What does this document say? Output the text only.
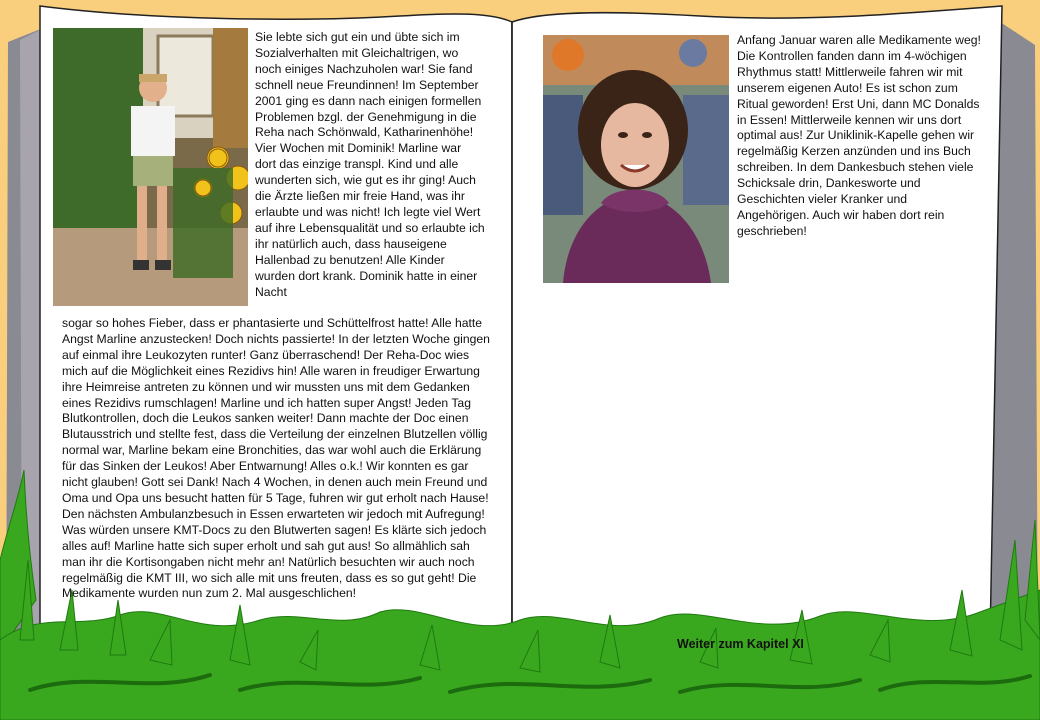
Sie lebte sich gut ein und übte sich im Sozialverhalten mit Gleichaltrigen, wo noch einiges Nachzuholen war! Sie fand schnell neue Freundinnen! Im September 2001 ging es dann nach einigen formellen Problemen bzgl. der Genehmigung in die Reha nach Schönwald, Katharinenhöhe! Vier Wochen mit Dominik! Marline war dort das einzige transpl. Kind und alle wunderten sich, wie gut es ihr ging! Auch die Ärzte ließen mir freie Hand, was ihr erlaubte und was nicht! Ich legte viel Wert auf ihre Lebensqualität und so erlaubte ich ihr natürlich auch, dass hauseigene Hallenbad zu benutzen! Alle Kinder wurden dort krank. Dominik hatte in einer Nacht

sogar so hohes Fieber, dass er phantasierte und Schüttelfrost hatte! Alle hatte Angst Marline anzustecken! Doch nichts passierte! In der letzten Woche gingen auf einmal ihre Leukozyten runter! Ganz überraschend! Der Reha-Doc wies mich auf die Möglichkeit eines Rezidivs hin! Alle waren in freudiger Erwartung ihre Heimreise antreten zu können und wir mussten uns mit dem Gedanken eines Rezidivs rumschlagen! Marline und ich hatten super Angst! Jeden Tag Blutkontrollen, doch die Leukos sanken weiter! Dann machte der Doc einen Blutausstrich und stellte fest, dass die Verteilung der einzelnen Blutzellen völlig normal war, Marline bekam eine Bronchities, das war wohl auch die Erklärung für das Sinken der Leukos! Aber Entwarnung! Alles o.k.! Wir konnten es gar nicht glauben! Gott sei Dank! Nach 4 Wochen, in denen auch mein Freund und Oma und Opa uns besucht hatten für 5 Tage, fuhren wir gut erholt nach Hause! Den nächsten Ambulanzbesuch in Essen erwarteten wir jedoch mit Aufregung! Was würden unsere KMT-Docs zu den Blutwerten sagen! Es klärte sich jedoch alles auf! Marline hatte sich super erholt und sah gut aus! So allmählich sah man ihr die Kortisongaben nicht mehr an! Natürlich besuchten wir auch noch regelmäßig die KMT III, wo sich alle mit uns freuten, dass es so gut geht! Die Medikamente wurden nun zum 2. Mal ausgeschlichen!

Anfang Januar waren alle Medikamente weg! Die Kontrollen fanden dann im 4-wöchigen Rhythmus statt! Mittlerweile fahren wir mit unserem eigenen Auto! Es ist schon zum Ritual geworden! Erst Uni, dann MC Donalds in Essen! Mittlerweile kennen wir uns dort optimal aus! Zur Uniklinik-Kapelle gehen wir regelmäßig Kerzen anzünden und ins Buch schreiben. In dem Dankesbuch stehen viele Schicksale drin, Dankesworte und Geschichten vieler Kranker und Angehörigen. Auch wir haben dort rein geschrieben!

Weiter zum Kapitel XI
